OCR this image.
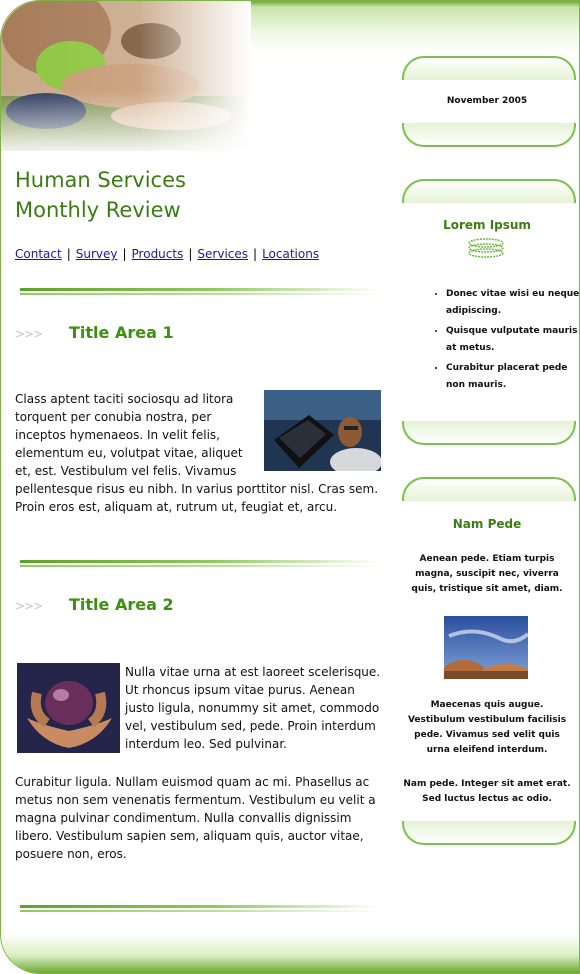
Human Services
Monthly Review
Contact | Survey | Products | Services | Locations
>>> Title Area 1
Class aptent taciti sociosqu ad litora torquent per conubia nostra, per inceptos hymenaeos. In velit felis, elementum eu, volutpat vitae, aliquet et, est. Vestibulum vel felis. Vivamus pellentesque risus eu nibh. In varius porttitor nisl. Cras sem. Proin eros est, aliquam at, rutrum ut, feugiat et, arcu.
>>> Title Area 2
Nulla vitae urna at est laoreet scelerisque. Ut rhoncus ipsum vitae purus. Aenean justo ligula, nonummy sit amet, commodo vel, vestibulum sed, pede. Proin interdum interdum leo. Sed pulvinar.

Curabitur ligula. Nullam euismod quam ac mi. Phasellus ac metus non sem venenatis fermentum. Vestibulum eu velit a magna pulvinar condimentum. Nulla convallis dignissim libero. Vestibulum sapien sem, aliquam quis, auctor vitae, posuere non, eros.

November 2005

Lorem Ipsum
• Donec vitae wisi eu neque adipiscing.
• Quisque vulputate mauris at metus.
• Curabitur placerat pede non mauris.
Nam Pede

Aenean pede. Etiam turpis magna, suscipit nec, viverra quis, tristique sit amet, diam.

Maecenas quis augue. Vestibulum vestibulum facilisis pede. Vivamus sed velit quis urna eleifend interdum.

Nam pede. Integer sit amet erat. Sed luctus lectus ac odio.
